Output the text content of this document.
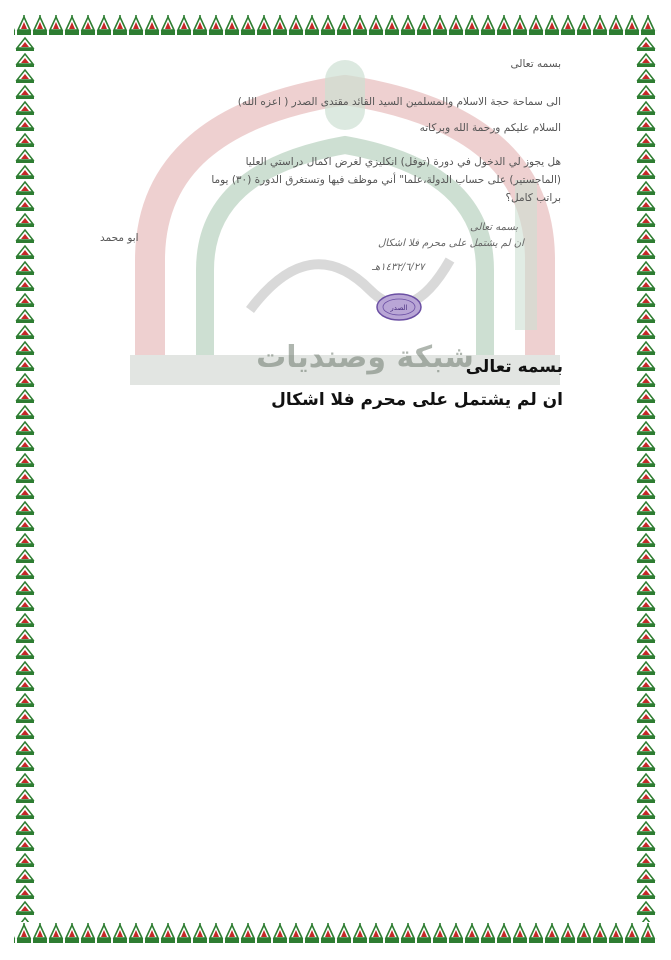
شبكة وصنديات
بسمه تعالى
الى سماحة حجة الاسلام والمسلمين السيد القائد مقتدى الصدر ( اعزه الله)
السلام عليكم ورحمة الله وبركاته
هل يجوز لي الدخول في دورة (توفل) انكليزي لغرض اكمال دراستي العليا
(الماجستير) على حساب الدولة،علما" أني موظف فيها وتستغرق الدورة (٣٠) يوما
براتب كامل؟
ابو محمد
بسمه تعالى
ان لم يشتمل على محرم فلا اشكال
١٤٣٢/٦/٢٧هـ
الصدر
بسمه تعالى
ان لم يشتمل على محرم فلا اشكال
